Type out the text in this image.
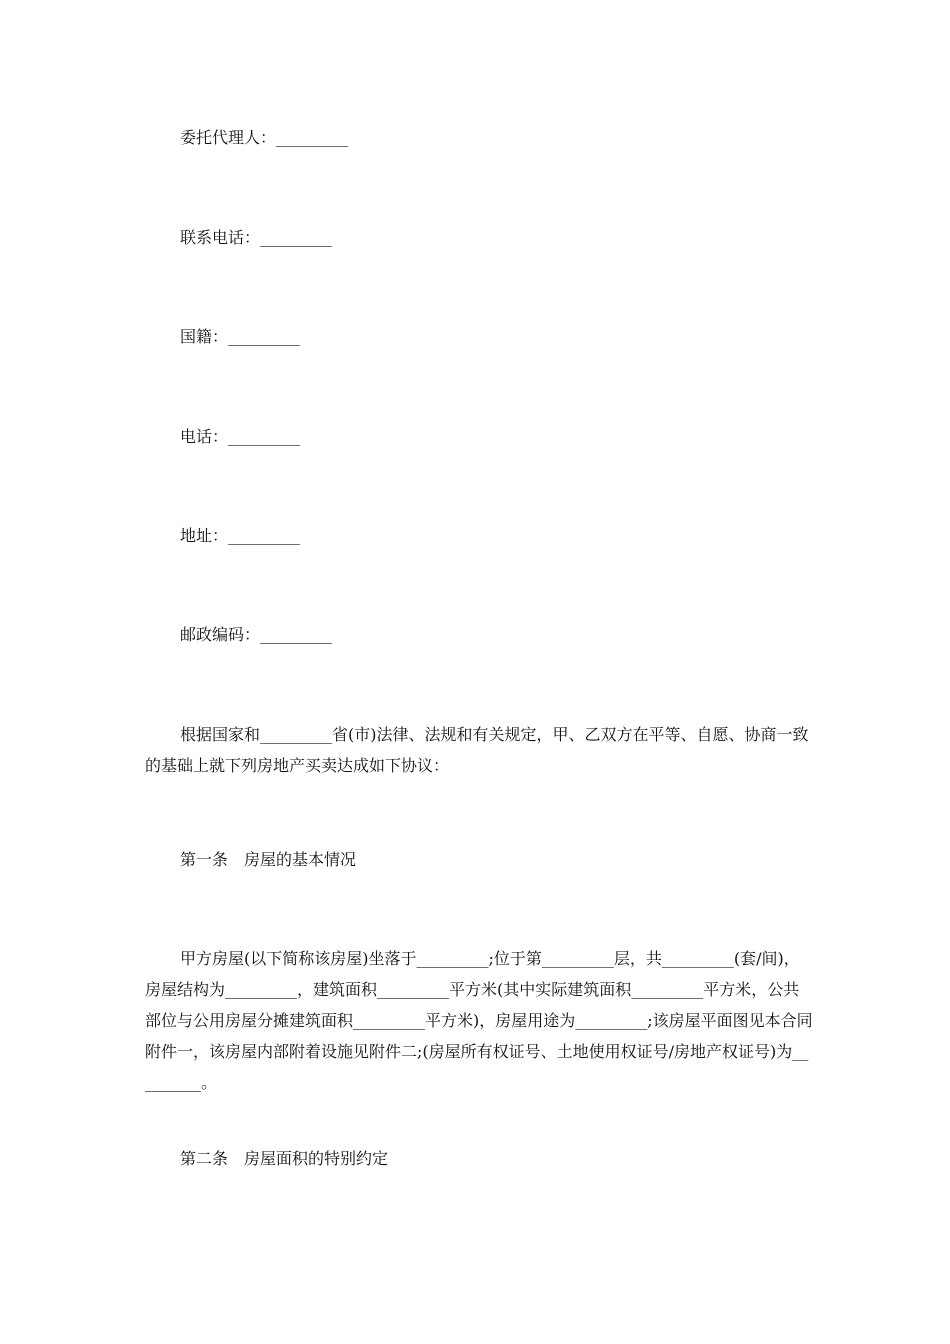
委托代理人：_________
联系电话：_________
国籍：_________
电话：_________
地址：_________
邮政编码：_________
根据国家和_________省(市)法律、法规和有关规定，甲、乙双方在平等、自愿、协商一致的基础上就下列房地产买卖达成如下协议：
第一条　房屋的基本情况
甲方房屋(以下简称该房屋)坐落于_________;位于第_________层，共_________(套/间)，房屋结构为_________，建筑面积_________平方米(其中实际建筑面积_________平方米，公共部位与公用房屋分摊建筑面积_________平方米)，房屋用途为_________;该房屋平面图见本合同附件一，该房屋内部附着设施见附件二;(房屋所有权证号、土地使用权证号/房地产权证号)为_________。
第二条　房屋面积的特别约定
